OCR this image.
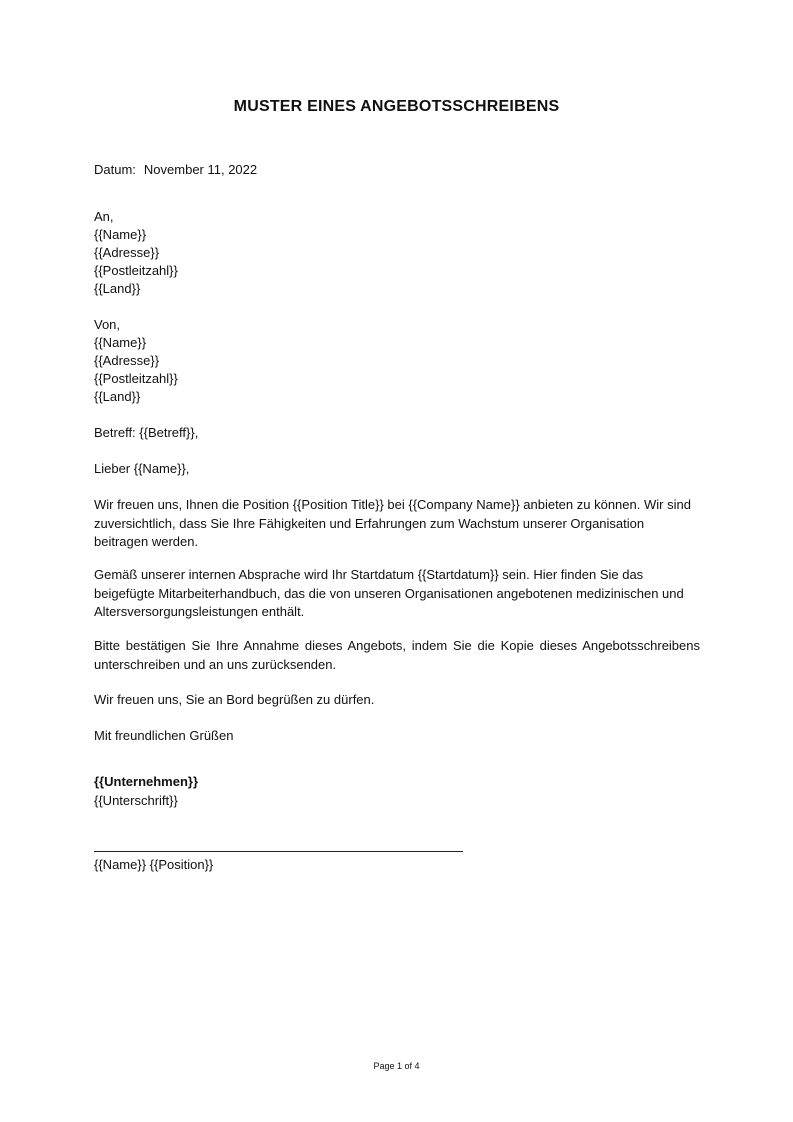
MUSTER EINES ANGEBOTSSCHREIBENS
Datum: November 11, 2022
An,
{{Name}}
{{Adresse}}
{{Postleitzahl}}
{{Land}}
Von,
{{Name}}
{{Adresse}}
{{Postleitzahl}}
{{Land}}
Betreff: {{Betreff}},
Lieber {{Name}},
Wir freuen uns, Ihnen die Position {{Position Title}} bei {{Company Name}} anbieten zu können. Wir sind zuversichtlich, dass Sie Ihre Fähigkeiten und Erfahrungen zum Wachstum unserer Organisation beitragen werden.
Gemäß unserer internen Absprache wird Ihr Startdatum {{Startdatum}} sein. Hier finden Sie das beigefügte Mitarbeiterhandbuch, das die von unseren Organisationen angebotenen medizinischen und Altersversorgungsleistungen enthält.
Bitte bestätigen Sie Ihre Annahme dieses Angebots, indem Sie die Kopie dieses Angebotsschreibens unterschreiben und an uns zurücksenden.
Wir freuen uns, Sie an Bord begrüßen zu dürfen.
Mit freundlichen Grüßen
{{Unternehmen}}
{{Unterschrift}}
{{Name}} {{Position}}
Page 1 of 4
